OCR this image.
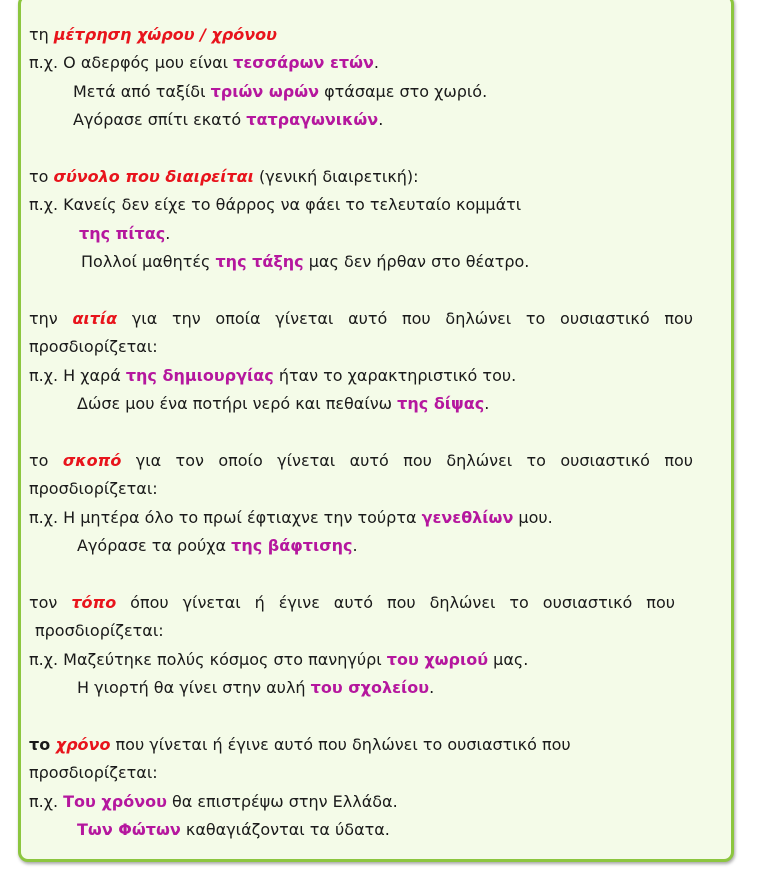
τη μέτρηση χώρου / χρόνου
π.χ. Ο αδερφός μου είναι τεσσάρων ετών.
Μετά από ταξίδι τριών ωρών φτάσαμε στο χωριό.
Αγόρασε σπίτι εκατό τατραγωνικών.
το σύνολο που διαιρείται (γενική διαιρετική):
π.χ. Κανείς δεν είχε το θάρρος να φάει το τελευταίο κομμάτι
της πίτας.
Πολλοί μαθητές της τάξης μας δεν ήρθαν στο θέατρο.
την αιτία για την οποία γίνεται αυτό που δηλώνει το ουσιαστικό που
προσδιορίζεται:
π.χ. Η χαρά της δημιουργίας ήταν το χαρακτηριστικό του.
Δώσε μου ένα ποτήρι νερό και πεθαίνω της δίψας.
το σκοπό για τον οποίο γίνεται αυτό που δηλώνει το ουσιαστικό που
προσδιορίζεται:
π.χ. Η μητέρα όλο το πρωί έφτιαχνε την τούρτα γενεθλίων μου.
Αγόρασε τα ρούχα της βάφτισης.
τον τόπο όπου γίνεται ή έγινε αυτό που δηλώνει το ουσιαστικό που
προσδιορίζεται:
π.χ. Μαζεύτηκε πολύς κόσμος στο πανηγύρι του χωριού μας.
Η γιορτή θα γίνει στην αυλή του σχολείου.
το χρόνο που γίνεται ή έγινε αυτό που δηλώνει το ουσιαστικό που
προσδιορίζεται:
π.χ. Του χρόνου θα επιστρέψω στην Ελλάδα.
Των Φώτων καθαγιάζονται τα ύδατα.
